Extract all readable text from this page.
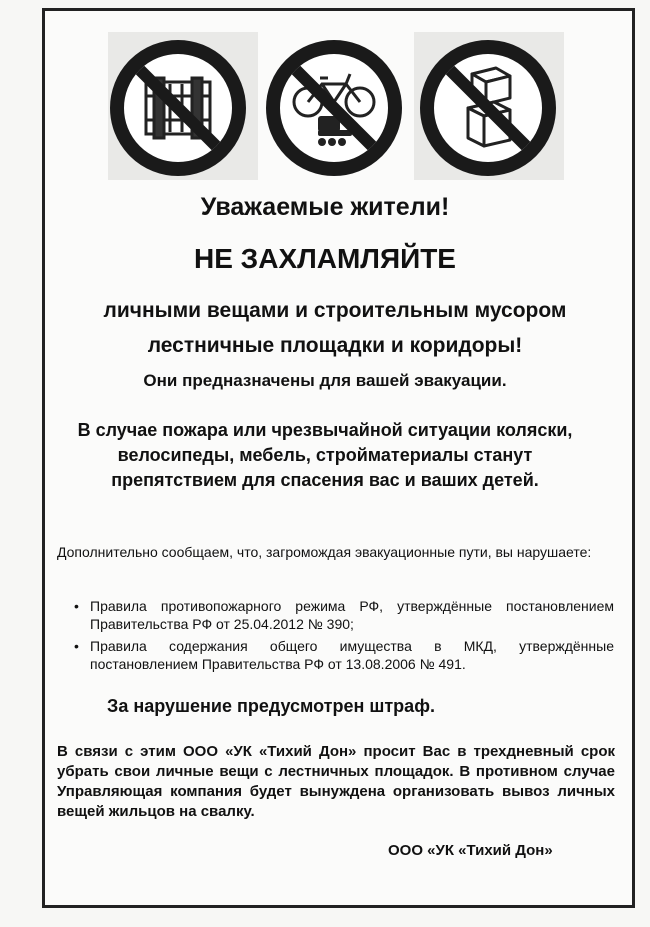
Уважаемые жители!

НЕ ЗАХЛАМЛЯЙТЕ

личными вещами и строительным мусором

лестничные площадки и коридоры!

Они предназначены для вашей эвакуации.

В случае пожара или чрезвычайной ситуации коляски,

велосипеды, мебель, стройматериалы станут

препятствием для спасения вас и ваших детей.

Дополнительно сообщаем, что, загромождая эвакуационные пути, вы нарушаете:

• Правила противопожарного режима РФ, утверждённые постановлением Правительства РФ от 25.04.2012 № 390;
• Правила содержания общего имущества в МКД, утверждённые постановлением Правительства РФ от 13.08.2006 № 491.

За нарушение предусмотрен штраф.

В связи с этим ООО «УК «Тихий Дон» просит Вас в трехдневный срок убрать свои личные вещи с лестничных площадок. В противном случае Управляющая компания будет вынуждена организовать вывоз личных вещей жильцов на свалку.

ООО «УК «Тихий Дон»
